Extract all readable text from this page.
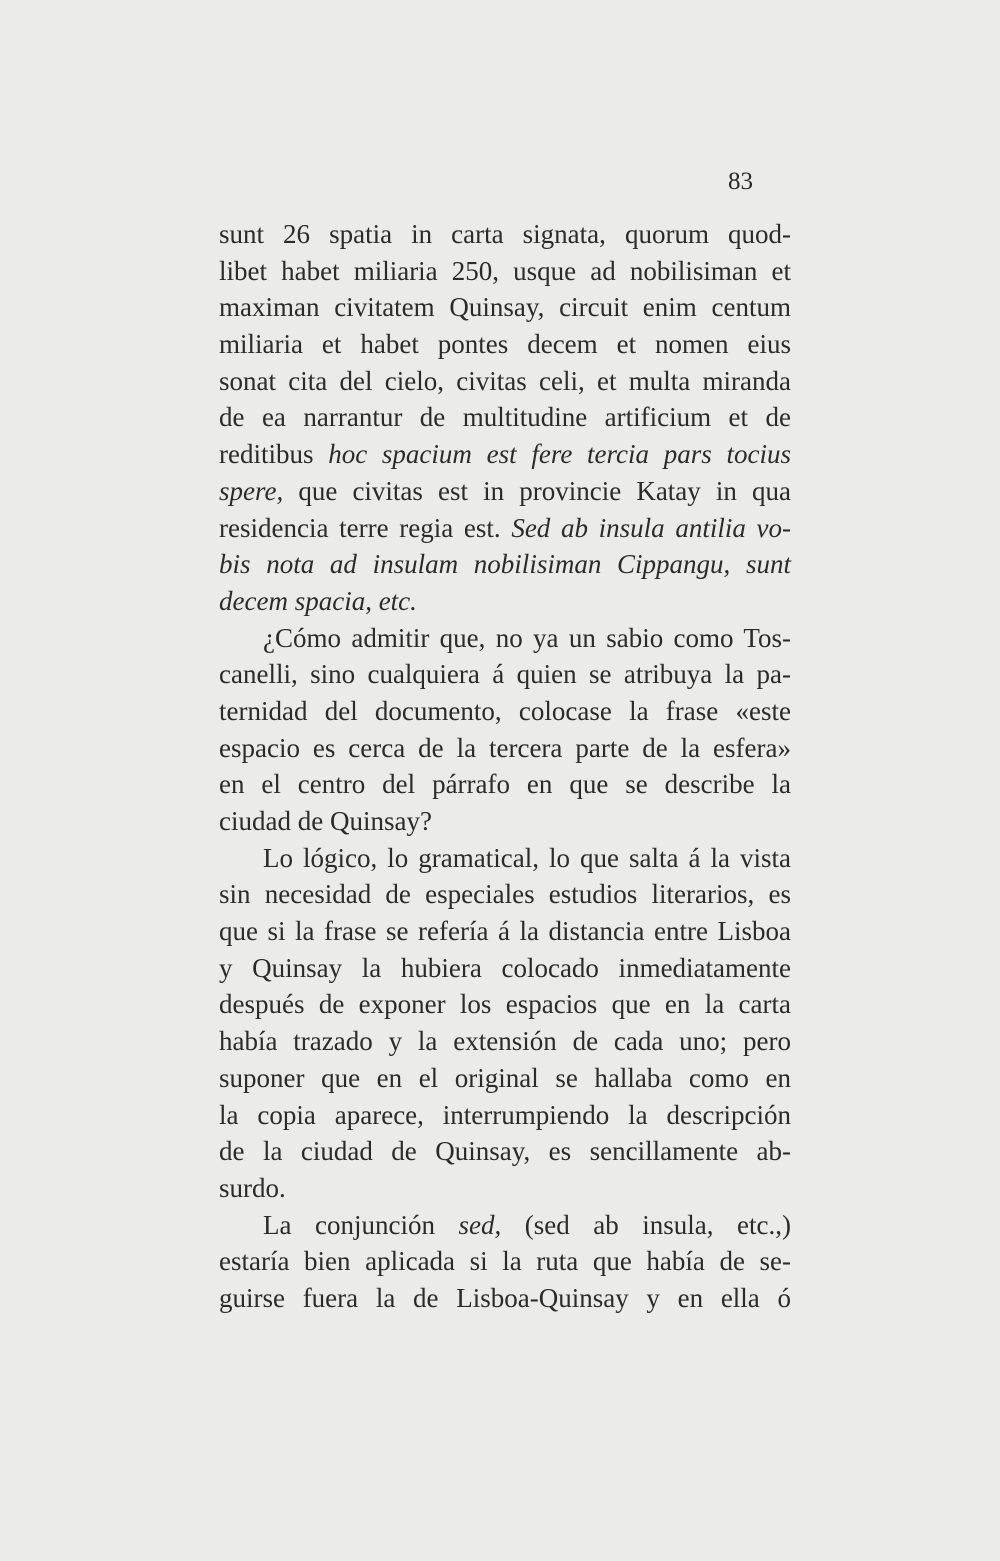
83
sunt 26 spatia in carta signata, quorum quod-
libet habet miliaria 250, usque ad nobilisiman et
maximan civitatem Quinsay, circuit enim centum
miliaria et habet pontes decem et nomen eius
sonat cita del cielo, civitas celi, et multa miranda
de ea narrantur de multitudine artificium et de
reditibus hoc spacium est fere tercia pars tocius
spere, que civitas est in provincie Katay in qua
residencia terre regia est. Sed ab insula antilia vo-
bis nota ad insulam nobilisiman Cippangu, sunt
decem spacia, etc.
¿Cómo admitir que, no ya un sabio como Tos-
canelli, sino cualquiera á quien se atribuya la pa-
ternidad del documento, colocase la frase «este
espacio es cerca de la tercera parte de la esfera»
en el centro del párrafo en que se describe la
ciudad de Quinsay?
Lo lógico, lo gramatical, lo que salta á la vista
sin necesidad de especiales estudios literarios, es
que si la frase se refería á la distancia entre Lisboa
y Quinsay la hubiera colocado inmediatamente
después de exponer los espacios que en la carta
había trazado y la extensión de cada uno; pero
suponer que en el original se hallaba como en
la copia aparece, interrumpiendo la descripción
de la ciudad de Quinsay, es sencillamente ab-
surdo.
La conjunción sed, (sed ab insula, etc.,)
estaría bien aplicada si la ruta que había de se-
guirse fuera la de Lisboa-Quinsay y en ella ó
